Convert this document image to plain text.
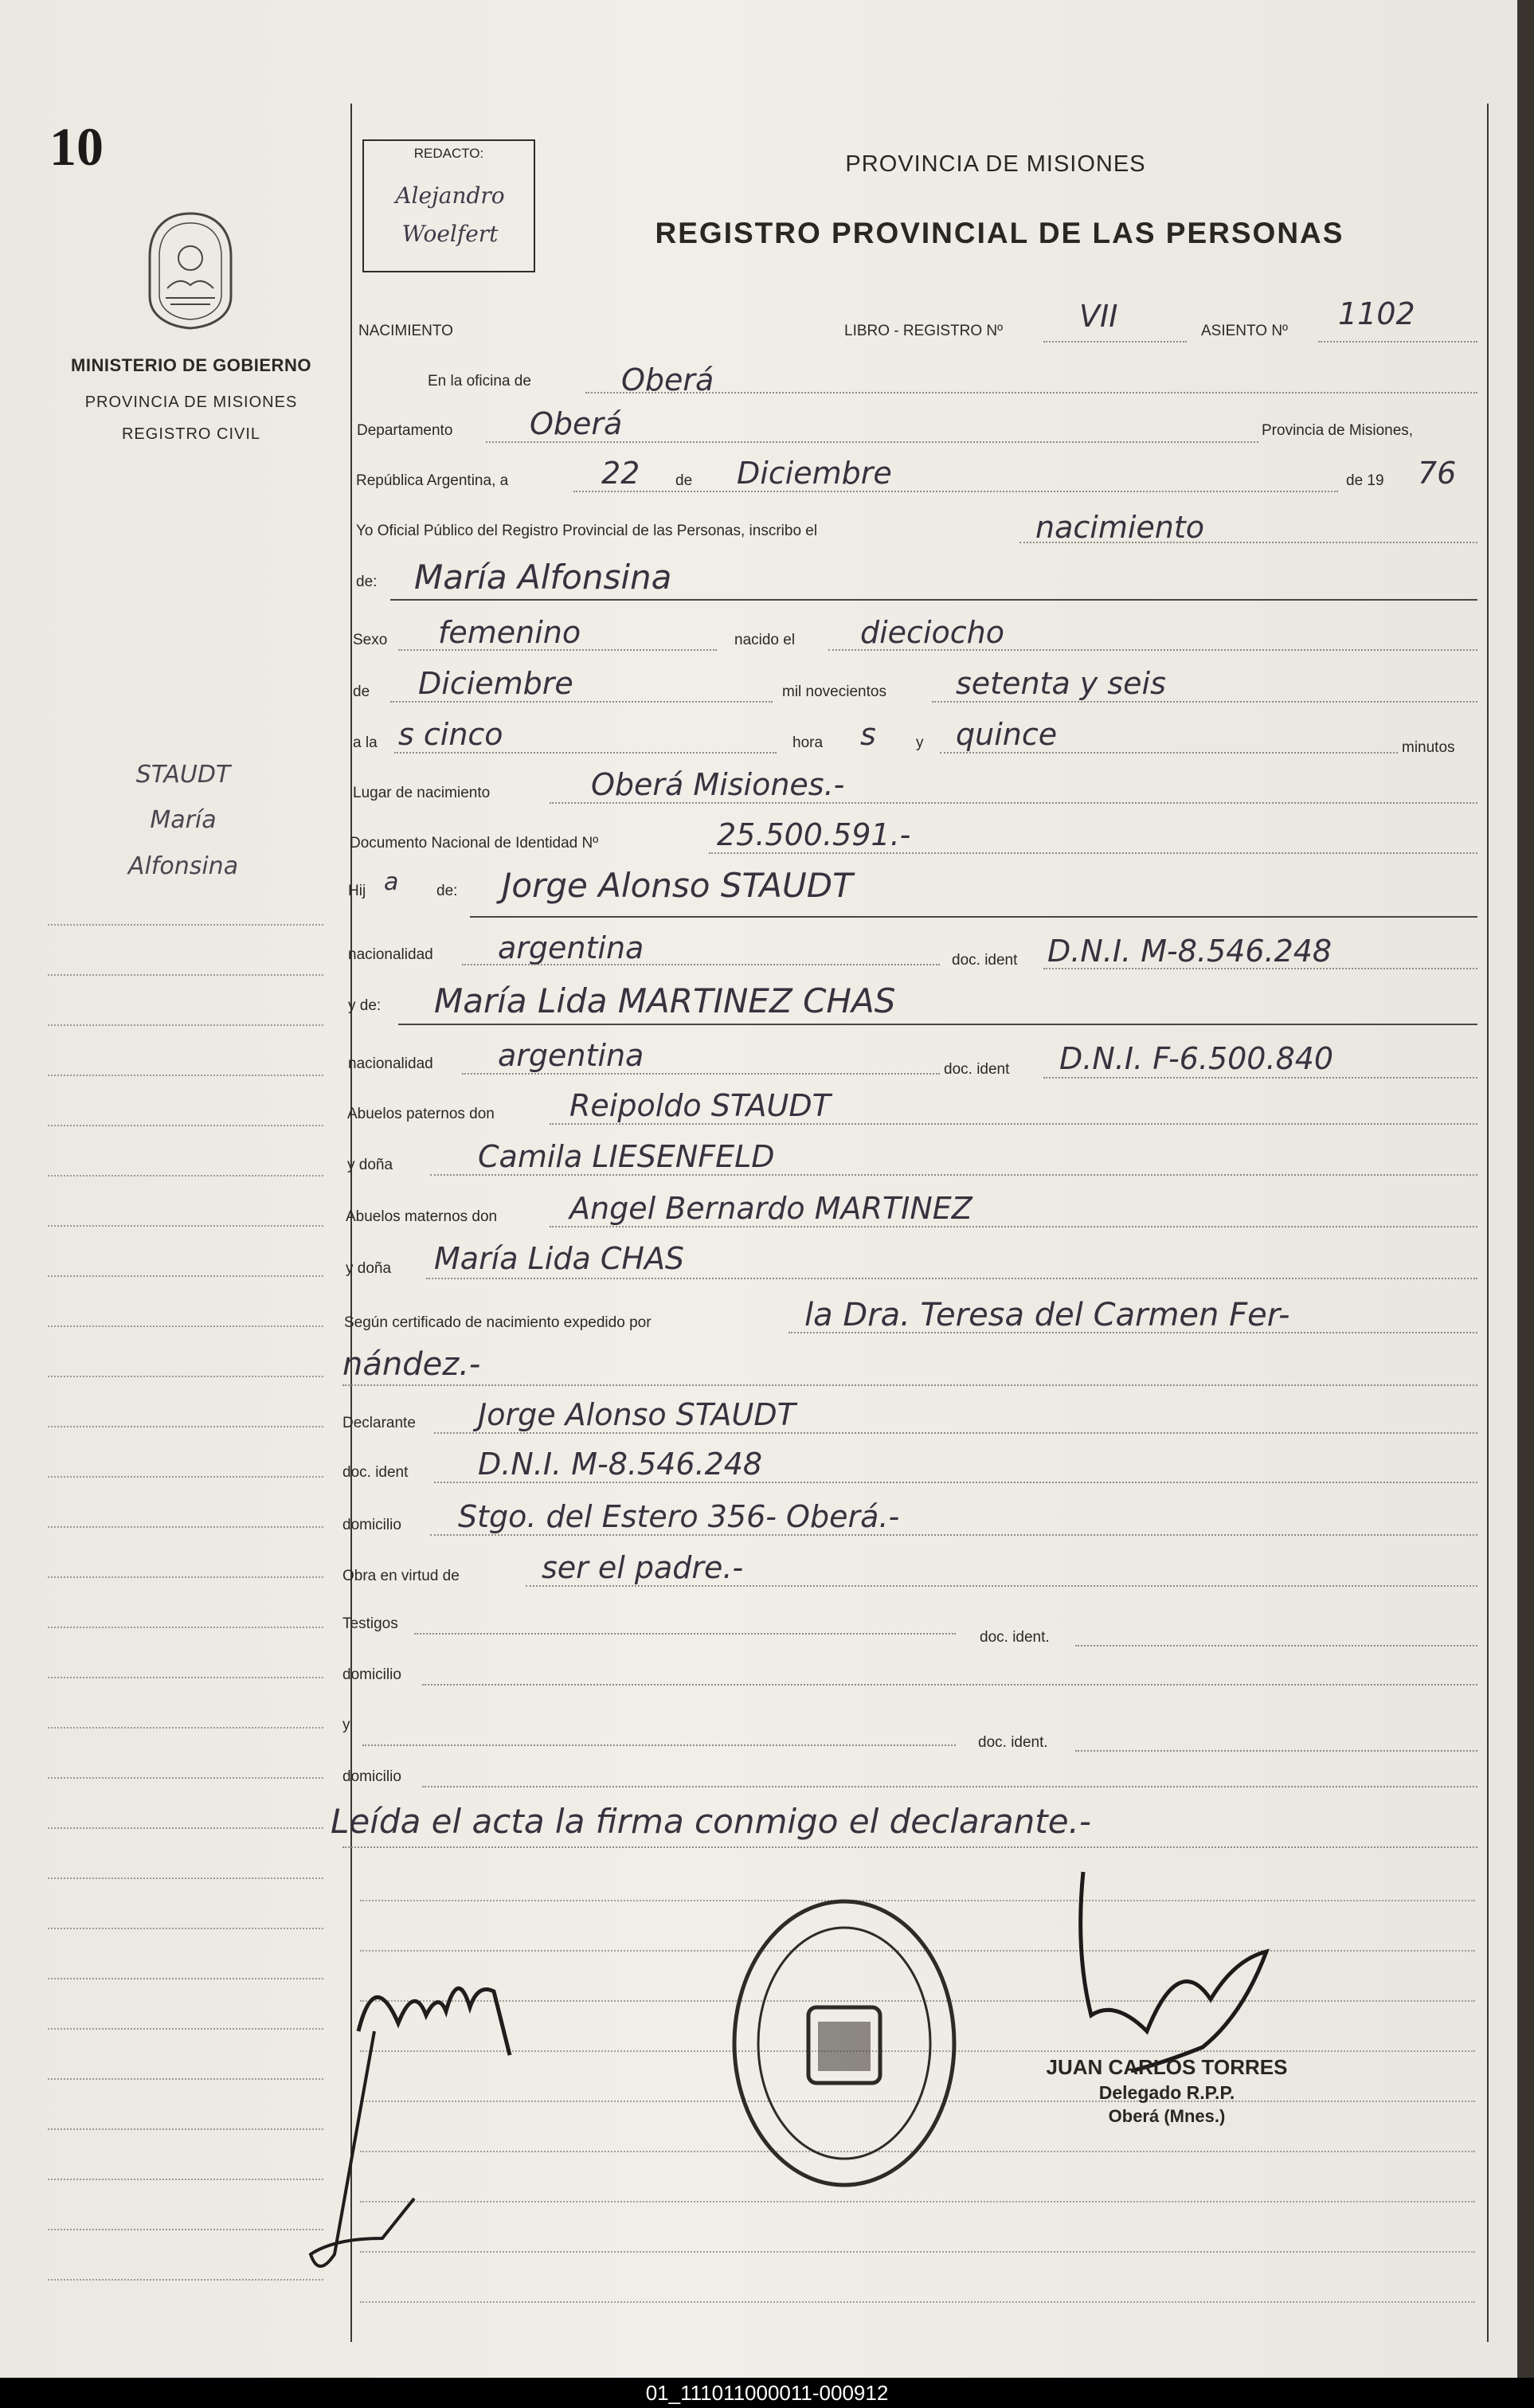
10
MINISTERIO DE GOBIERNO
PROVINCIA DE MISIONES
REGISTRO CIVIL
STAUDT
María
Alfonsina
REDACTO:
Alejandro
Woelfert
PROVINCIA DE MISIONES
REGISTRO PROVINCIAL DE LAS PERSONAS
NACIMIENTO	LIBRO - REGISTRO Nº	VII	ASIENTO Nº 1102
En la oficina de	Oberá
Departamento	Oberá	Provincia de Misiones,
República Argentina, a	22 de Diciembre	de 19 76
Yo Oficial Público del Registro Provincial de las Personas, inscribo el	nacimiento
de: María Alfonsina
Sexo femenino	nacido el dieciocho
de Diciembre	mil novecientos setenta y seis
a la s cinco	hora s	y quince	minutos
Lugar de nacimiento	Oberá Misiones.-
Documento Nacional de Identidad Nº	25.500.591.-
Hij a	de: Jorge Alonso STAUDT
nacionalidad argentina	doc. ident D.N.I. M-8.546.248
y de: María Lida MARTINEZ CHAS
nacionalidad argentina	doc. ident D.N.I. F-6.500.840
Abuelos paternos don Reipoldo STAUDT
y doña	Camila LIESENFELD
Abuelos maternos don Angel Bernardo MARTINEZ
y doña María Lida CHAS
Según certificado de nacimiento expedido por	la Dra. Teresa del Carmen Fer-
nández.-
Declarante Jorge Alonso STAUDT
doc. ident D.N.I. M-8.546.248
domicilio Stgo. del Estero 356- Oberá.-
Obra en virtud de	ser el padre.-
Testigos
doc. ident.
domicilio
y
doc. ident.
domicilio
Leída el acta la firma conmigo el declarante.-
JUAN CARLOS TORRES
Delegado R.P.P.
Oberá (Mnes.)
01_111011000011-000912
